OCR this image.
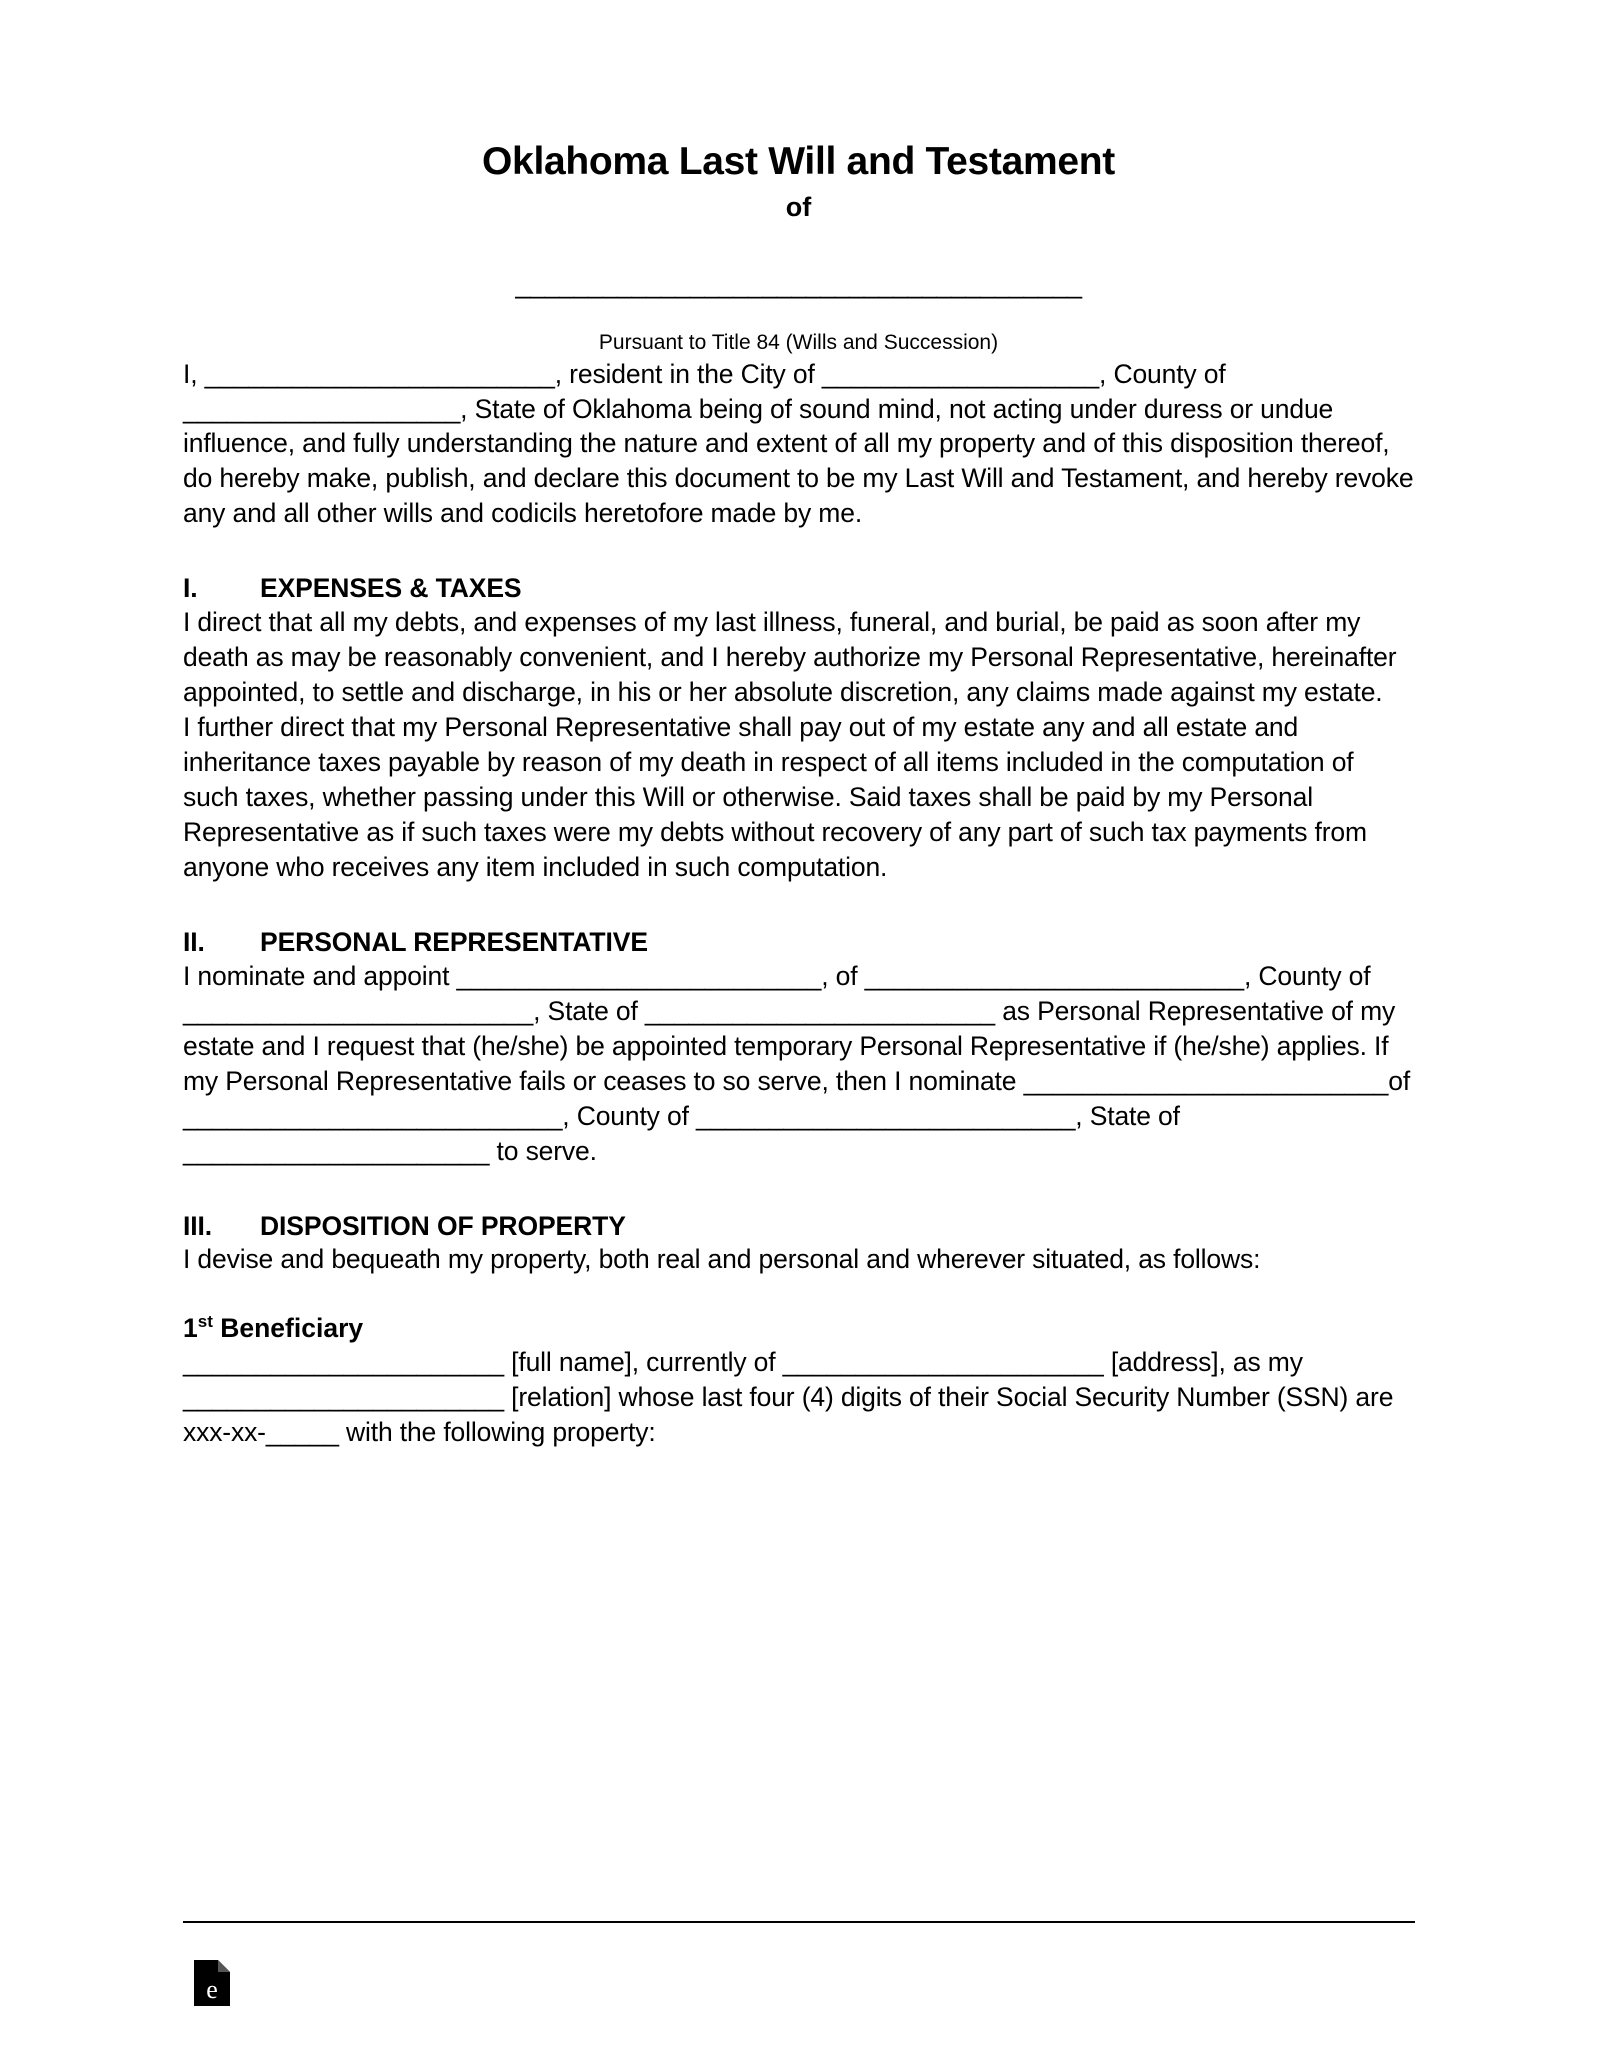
Oklahoma Last Will and Testament
of
_______________________________________
Pursuant to Title 84 (Wills and Succession)

I, ________________________, resident in the City of ___________________, County of ___________________, State of Oklahoma being of sound mind, not acting under duress or undue influence, and fully understanding the nature and extent of all my property and of this disposition thereof, do hereby make, publish, and declare this document to be my Last Will and Testament, and hereby revoke any and all other wills and codicils heretofore made by me.

I. EXPENSES & TAXES

I direct that all my debts, and expenses of my last illness, funeral, and burial, be paid as soon after my death as may be reasonably convenient, and I hereby authorize my Personal Representative, hereinafter appointed, to settle and discharge, in his or her absolute discretion, any claims made against my estate.

I further direct that my Personal Representative shall pay out of my estate any and all estate and inheritance taxes payable by reason of my death in respect of all items included in the computation of such taxes, whether passing under this Will or otherwise. Said taxes shall be paid by my Personal Representative as if such taxes were my debts without recovery of any part of such tax payments from anyone who receives any item included in such computation.

II. PERSONAL REPRESENTATIVE

I nominate and appoint _________________________, of __________________________, County of ________________________, State of ________________________ as Personal Representative of my estate and I request that (he/she) be appointed temporary Personal Representative if (he/she) applies. If my Personal Representative fails or ceases to so serve, then I nominate _________________________of __________________________, County of __________________________, State of _____________________ to serve.

III. DISPOSITION OF PROPERTY

I devise and bequeath my property, both real and personal and wherever situated, as follows:

1st Beneficiary

______________________ [full name], currently of ______________________ [address], as my ______________________ [relation] whose last four (4) digits of their Social Security Number (SSN) are xxx-xx-_____ with the following property:

e
